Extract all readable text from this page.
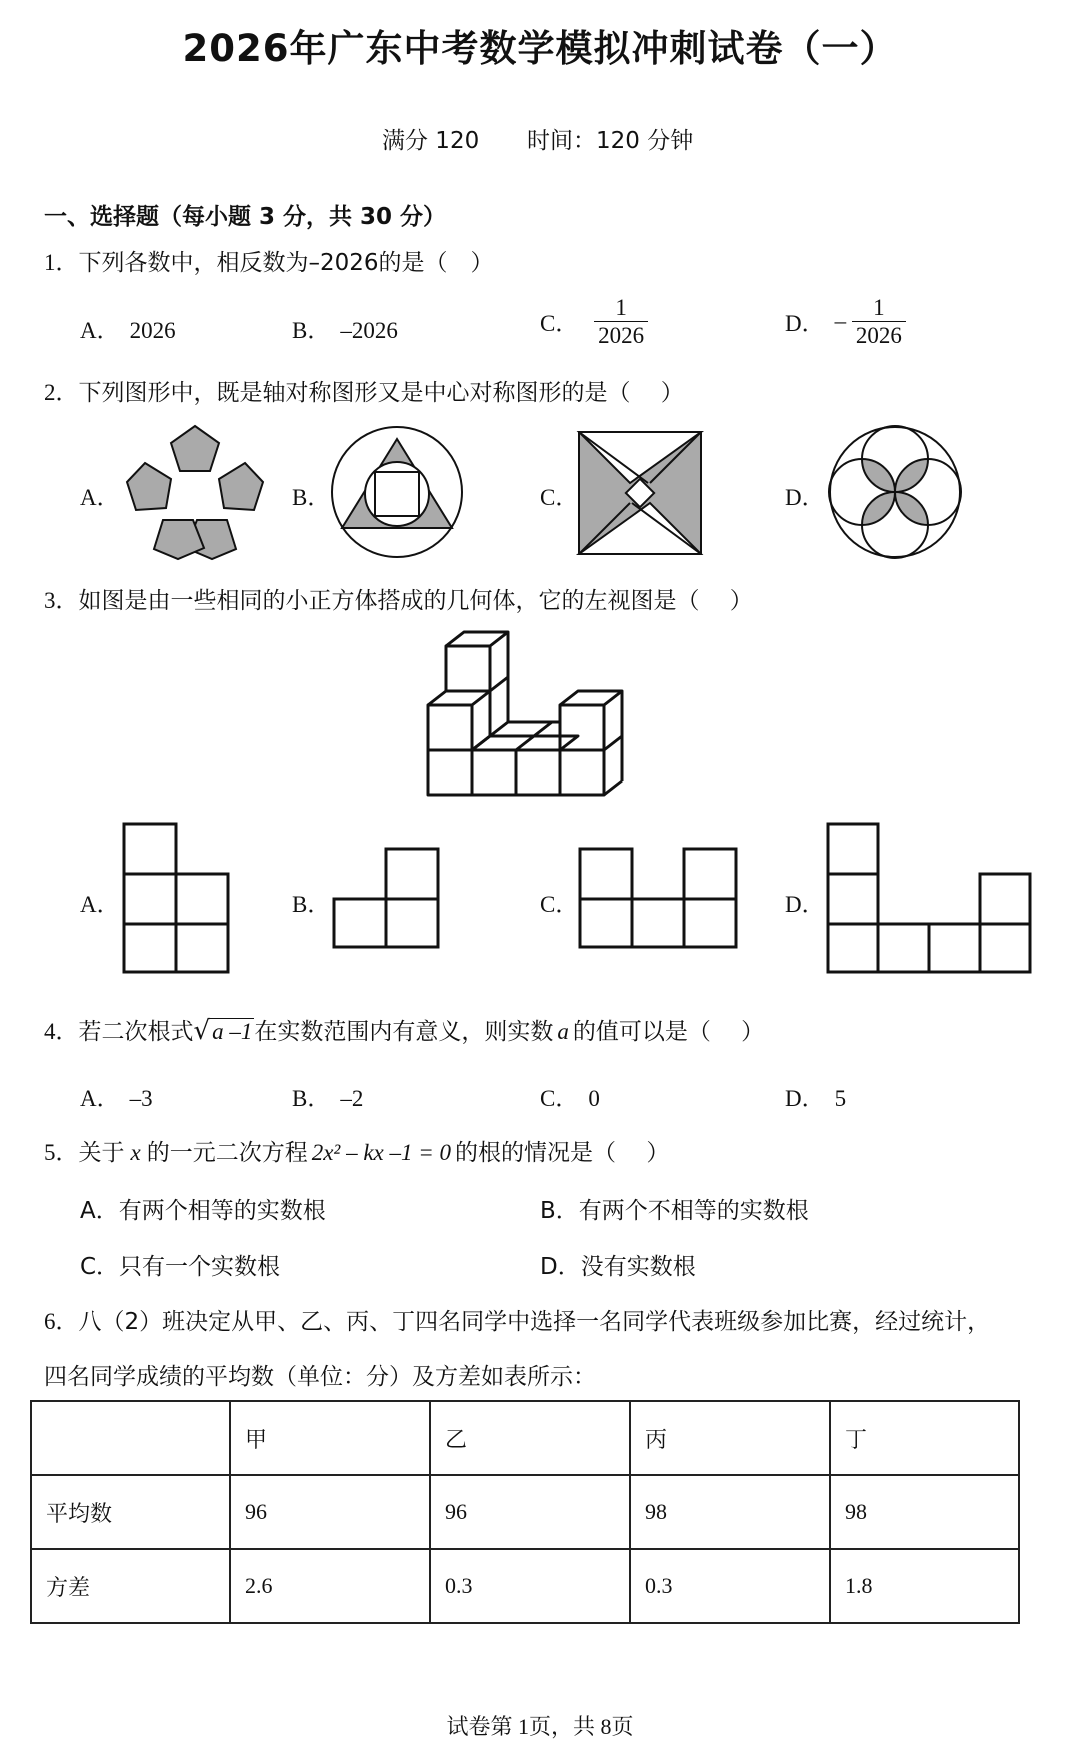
2026年广东中考数学模拟冲刺试卷（一）
满分 120 时间：120 分钟
一、选择题（每小题 3 分，共 30 分）
1．下列各数中，相反数为–2026的是（　）
A． 2026	B． –2026	C． $\frac{1}{2026}$	D． – $\frac{1}{2026}$
2．下列图形中，既是轴对称图形又是中心对称图形的是（　 ）
A．	B．	C．	D．
3．如图是由一些相同的小正方体搭成的几何体，它的左视图是（　 ）
A．	B．	C．	D．
4．若二次根式√a –1在实数范围内有意义，则实数 a 的值可以是（　 ）
A． –3	B． –2	C． 0	D． 5
5．关于 x 的一元二次方程 2x² – kx –1 = 0 的根的情况是（　 ）
A．有两个相等的实数根	B．有两个不相等的实数根
C．只有一个实数根	D．没有实数根
6．八（2）班决定从甲、乙、丙、丁四名同学中选择一名同学代表班级参加比赛，经过统计，
四名同学成绩的平均数（单位：分）及方差如表所示：
	甲	乙	丙	丁
平均数	96	96	98	98
方差	2.6	0.3	0.3	1.8
试卷第 1页，共 8页
